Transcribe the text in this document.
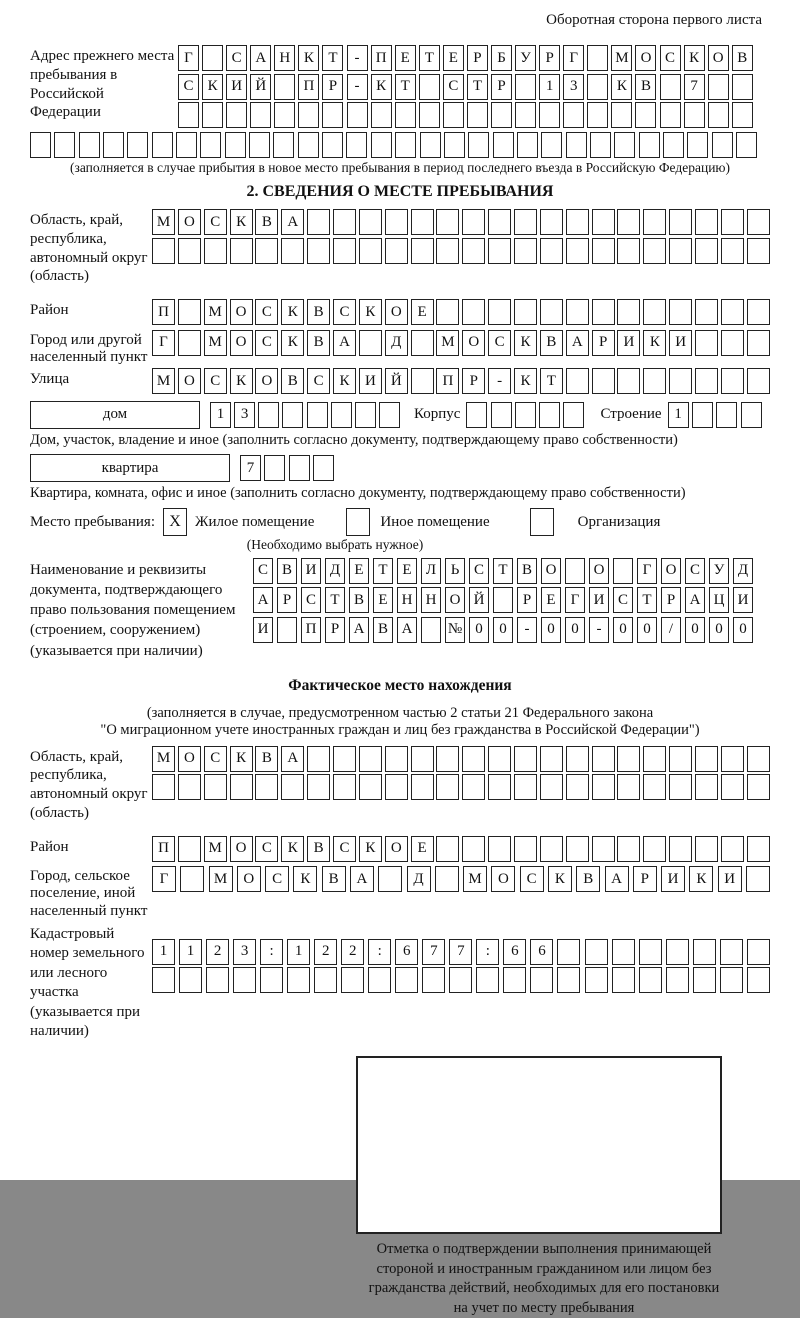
Оборотная сторона первого листа
Адрес прежнего места пребывания в Российской Федерации
Г	С А Н К Т	-	П Е Т Е	Р	Б У Р	Г	М О С К О В
С К И Й	П Р	-	К Т	С Т	Р	1	3	К В	7
(заполняется в случае прибытия в новое место пребывания в период последнего въезда в Российскую Федерацию)
2. СВЕДЕНИЯ О МЕСТЕ ПРЕБЫВАНИЯ
Область, край, республика, автономный округ (область)
М О	С	К	В	А
Район	П	М О	С	К	В	С	К	О	Е
Город или другой населенный пункт
Г	М О	С	К	В	А	Д	М О	С	К	В	А	Р	И	К	И
Улица	М О	С	К	О	В	С	К	И	Й	П	Р	-	К	Т
дом	1	3	Корпус	Строение 1
Дом, участок, владение и иное (заполнить согласно документу, подтверждающему право собственности)
квартира	7
Квартира, комната, офис и иное (заполнить согласно документу, подтверждающему право собственности)
Место пребывания: X Жилое помещение	Иное помещение	Организация
(Необходимо выбрать нужное)
Наименование и реквизиты документа, подтверждающего право пользования помещением (строением, сооружением) (указывается при наличии)
С В И Д Е Т Е Л Ь С Т В О	О	Г О С У Д
А Р С Т В Е Н Н О Й	Р	Е	Г И С Т	Р А Ц И
И	П Р А В А	№ 0	0	-	0	0	-	0	0	/	0	0	0
Фактическое место нахождения
(заполняется в случае, предусмотренном частью 2 статьи 21 Федерального закона
"О миграционном учете иностранных граждан и лиц без гражданства в Российской Федерации")
Область, край, республика, автономный округ (область)
М О	С	К	В	А
Район	П	М О	С	К	В	С	К	О	Е
Город, сельское поселение, иной населенный пункт
Г	М	О	С	К	В	А	Д	М	О	С	К	В	А	Р	И	К	И
Кадастровый номер земельного или лесного участка (указывается при наличии)
1	1	2	3	:	1	2	2	:	6	7	7	:	6	6
Отметка о подтверждении выполнения принимающей
стороной и иностранным гражданином или лицом без
гражданства действий, необходимых для его постановки
на учет по месту пребывания
